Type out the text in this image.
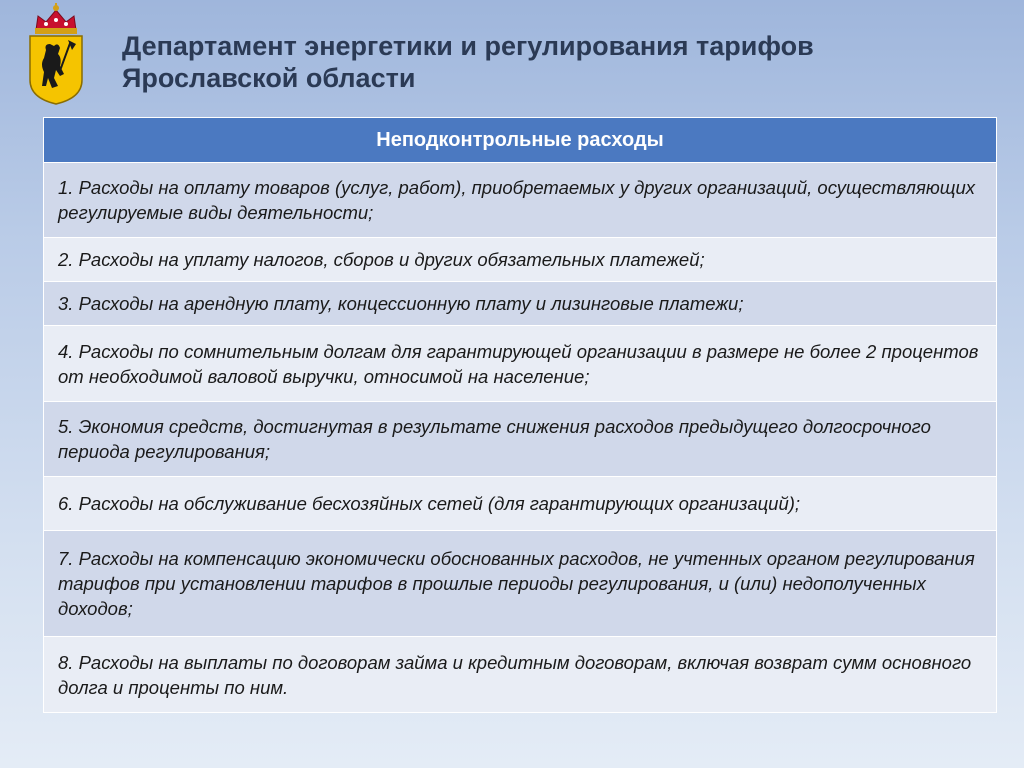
Департамент энергетики и регулирования тарифов
Ярославской области
Неподконтрольные расходы
1. Расходы на оплату товаров (услуг, работ), приобретаемых у других организаций, осуществляющих регулируемые виды деятельности;
2. Расходы на уплату налогов, сборов и других обязательных платежей;
3. Расходы на арендную плату, концессионную плату и лизинговые платежи;
4. Расходы по сомнительным долгам для гарантирующей организации в размере не более 2 процентов от необходимой валовой выручки, относимой на население;
5. Экономия средств, достигнутая в результате снижения расходов предыдущего долгосрочного периода регулирования;
6. Расходы на обслуживание бесхозяйных сетей (для гарантирующих организаций);
7. Расходы на компенсацию экономически обоснованных расходов, не учтенных органом регулирования тарифов при установлении тарифов в прошлые периоды регулирования, и (или) недополученных доходов;
8. Расходы на выплаты по договорам займа и кредитным договорам, включая возврат сумм основного долга и проценты по ним.
